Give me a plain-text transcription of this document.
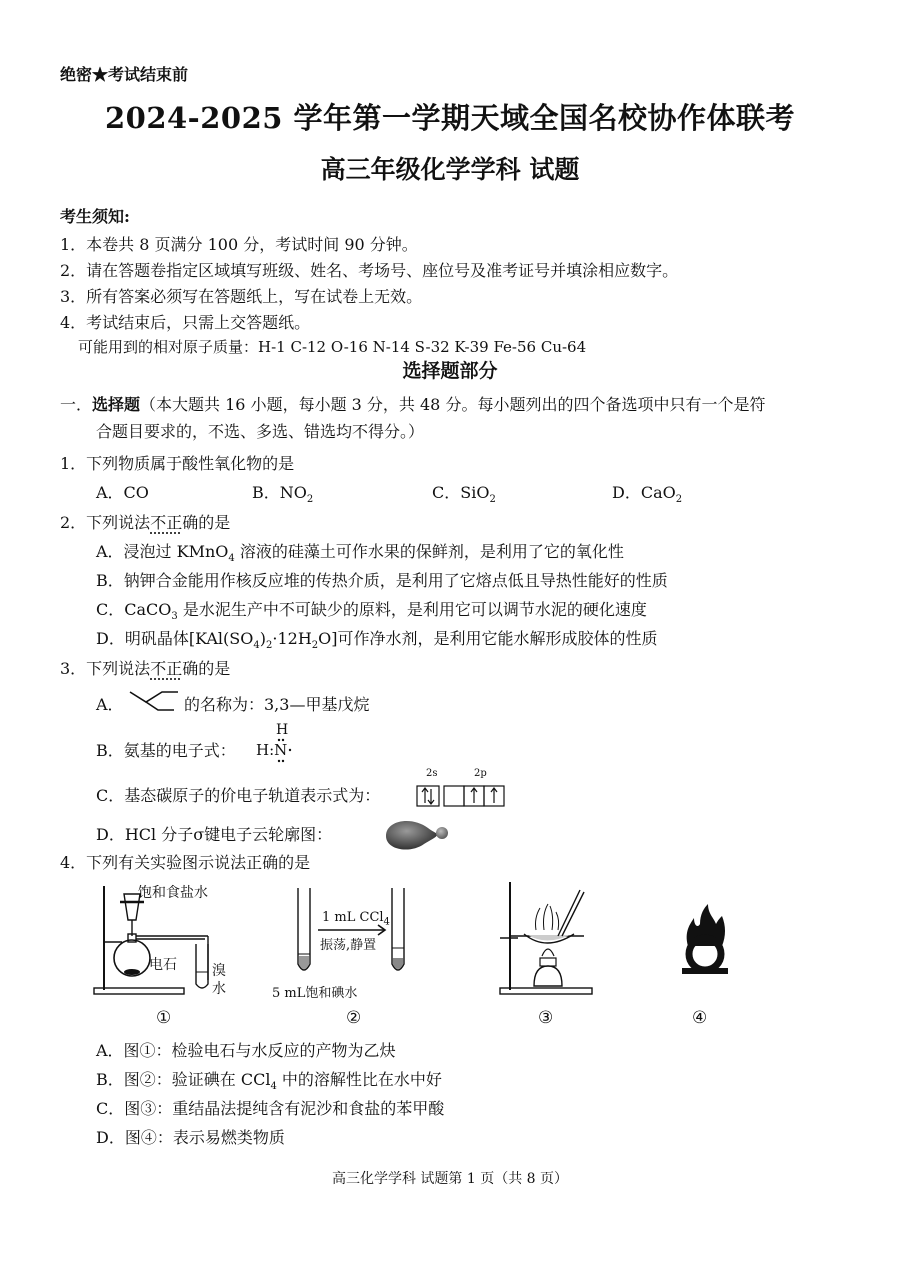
绝密★考试结束前
2024-2025 学年第一学期天域全国名校协作体联考
高三年级化学学科 试题
考生须知:
1．本卷共 8 页满分 100 分，考试时间 90 分钟。
2．请在答题卷指定区域填写班级、姓名、考场号、座位号及准考证号并填涂相应数字。
3．所有答案必须写在答题纸上，写在试卷上无效。
4．考试结束后，只需上交答题纸。
可能用到的相对原子质量：H-1 C-12 O-16 N-14 S-32 K-39 Fe-56 Cu-64
选择题部分
一．选择题（本大题共 16 小题，每小题 3 分，共 48 分。每小题列出的四个备选项中只有一个是符
合题目要求的，不选、多选、错选均不得分。）
1．下列物质属于酸性氧化物的是
A．CO	B．$NO_2$	C．SiO$_2$	D．CaO$_2$
2．下列说法不正确的是
A．浸泡过 KMnO$_4$ 溶液的硅藻土可作水果的保鲜剂，是利用了它的氧化性
B．钠钾合金能用作核反应堆的传热介质，是利用了它熔点低且导热性能好的性质
C．CaCO$_3$ 是水泥生产中不可缺少的原料，是利用它可以调节水泥的硬化速度
D．明矾晶体$[KAl(SO_4)_2\cdot 12H_2O]$可作净水剂，是利用它能水解形成胶体的性质
3．下列说法不正确的是
A．	的名称为：3,3—甲基戊烷
B．氨基的电子式：
H
H:N
C．基态碳原子的价电子轨道表示式为：
2s	2p
D．HCl 分子σ键电子云轮廓图：
4．下列有关实验图示说法正确的是
饱和食盐水
电石	溴
水
1 mL CCl$_4$
振荡,静置
5 mL饱和碘水
①	②	③	④
A．图①：检验电石与水反应的产物为乙炔
B．图②：验证碘在 CCl$_4$ 中的溶解性比在水中好
C．图③：重结晶法提纯含有泥沙和食盐的苯甲酸
D．图④：表示易燃类物质
高三化学学科 试题第 1 页（共 8 页）
